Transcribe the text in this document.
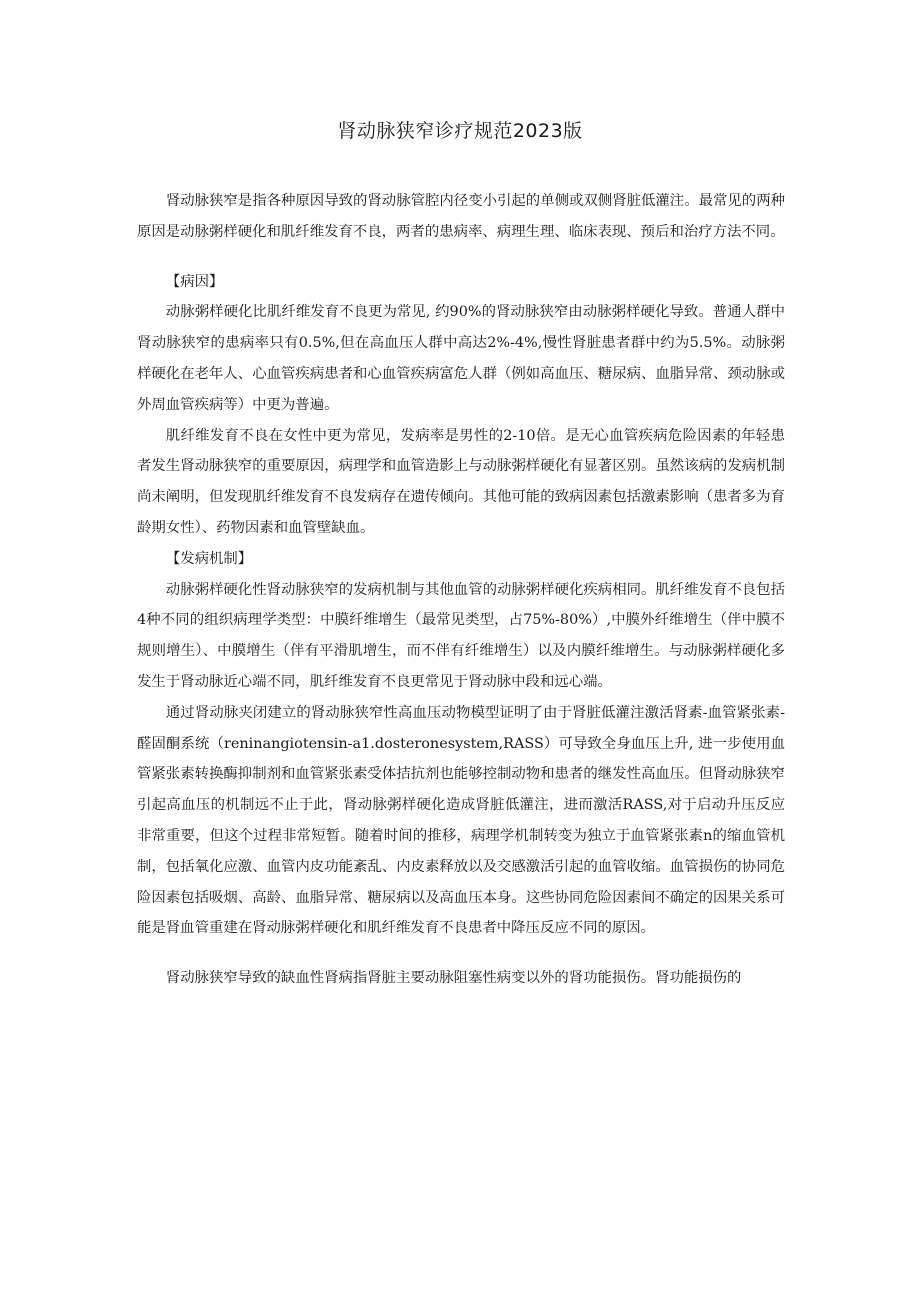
肾动脉狭窄诊疗规范2023版

肾动脉狭窄是指各种原因导致的肾动脉管腔内径变小引起的单侧或双侧肾脏低灌注。最常见的两种原因是动脉粥样硬化和肌纤维发育不良，两者的患病率、病理生理、临床表现、预后和治疗方法不同。

【病因】

动脉粥样硬化比肌纤维发育不良更为常见, 约90%的肾动脉狭窄由动脉粥样硬化导致。普通人群中肾动脉狭窄的患病率只有0.5%,但在高血压人群中高达2%-4%,慢性肾脏患者群中约为5.5%。动脉粥样硬化在老年人、心血管疾病患者和心血管疾病富危人群（例如高血压、糖尿病、血脂异常、颈动脉或外周血管疾病等）中更为普遍。

肌纤维发育不良在女性中更为常见，发病率是男性的2-10倍。是无心血管疾病危险因素的年轻患者发生肾动脉狭窄的重要原因，病理学和血管造影上与动脉粥样硬化有显著区别。虽然该病的发病机制尚未阐明，但发现肌纤维发育不良发病存在遗传倾向。其他可能的致病因素包括激素影响（患者多为育龄期女性）、药物因素和血管壁缺血。

【发病机制】

动脉粥样硬化性肾动脉狭窄的发病机制与其他血管的动脉粥样硬化疾病相同。肌纤维发育不良包括4种不同的组织病理学类型：中膜纤维增生（最常见类型，占75%-80%）,中膜外纤维增生（伴中膜不规则增生）、中膜增生（伴有平滑肌增生，而不伴有纤维增生）以及内膜纤维增生。与动脉粥样硬化多发生于肾动脉近心端不同，肌纤维发育不良更常见于肾动脉中段和远心端。

通过肾动脉夹闭建立的肾动脉狭窄性高血压动物模型证明了由于肾脏低灌注激活肾素-血管紧张素-醛固酮系统（reninangiotensin-a1.dosteronesystem,RASS）可导致全身血压上升, 进一步使用血管紧张素转换酶抑制剂和血管紧张素受体拮抗剂也能够控制动物和患者的继发性高血压。但肾动脉狭窄引起高血压的机制远不止于此，肾动脉粥样硬化造成肾脏低灌注，进而激活RASS,对于启动升压反应非常重要，但这个过程非常短暂。随着时间的推移，病理学机制转变为独立于血管紧张素n的缩血管机制，包括氧化应激、血管内皮功能紊乱、内皮素释放以及交感激活引起的血管收缩。血管损伤的协同危险因素包括吸烟、高龄、血脂异常、糖尿病以及高血压本身。这些协同危险因素间不确定的因果关系可能是肾血管重建在肾动脉粥样硬化和肌纤维发育不良患者中降压反应不同的原因。

肾动脉狭窄导致的缺血性肾病指肾脏主要动脉阻塞性病变以外的肾功能损伤。肾功能损伤的
